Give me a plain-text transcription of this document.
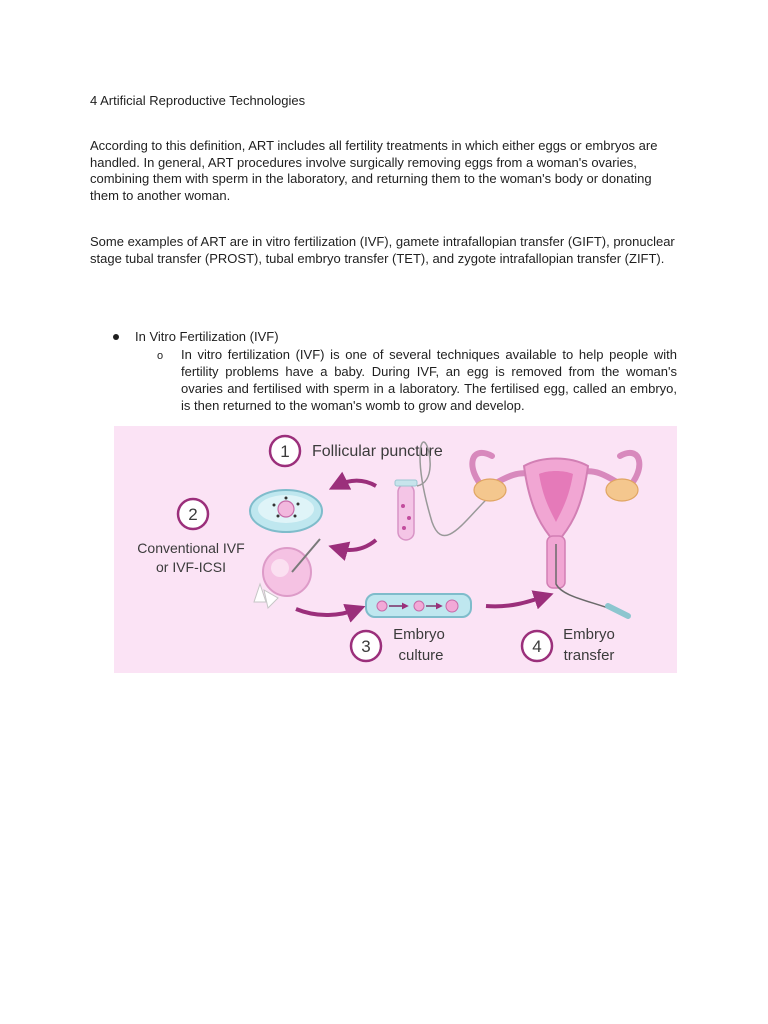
4 Artificial Reproductive Technologies
According to this definition, ART includes all fertility treatments in which either eggs or embryos are handled. In general, ART procedures involve surgically removing eggs from a woman's ovaries, combining them with sperm in the laboratory, and returning them to the woman's body or donating them to another woman.
Some examples of ART are in vitro fertilization (IVF), gamete intrafallopian transfer (GIFT), pronuclear stage tubal transfer (PROST), tubal embryo transfer (TET), and zygote intrafallopian transfer (ZIFT).
In Vitro Fertilization (IVF)
o In vitro fertilization (IVF) is one of several techniques available to help people with fertility problems have a baby. During IVF, an egg is removed from the woman's ovaries and fertilised with sperm in a laboratory. The fertilised egg, called an embryo, is then returned to the woman's womb to grow and develop.
1 Follicular puncture
2
Conventional IVF
or IVF-ICSI
3
Embryo
culture	4
Embryo
transfer
